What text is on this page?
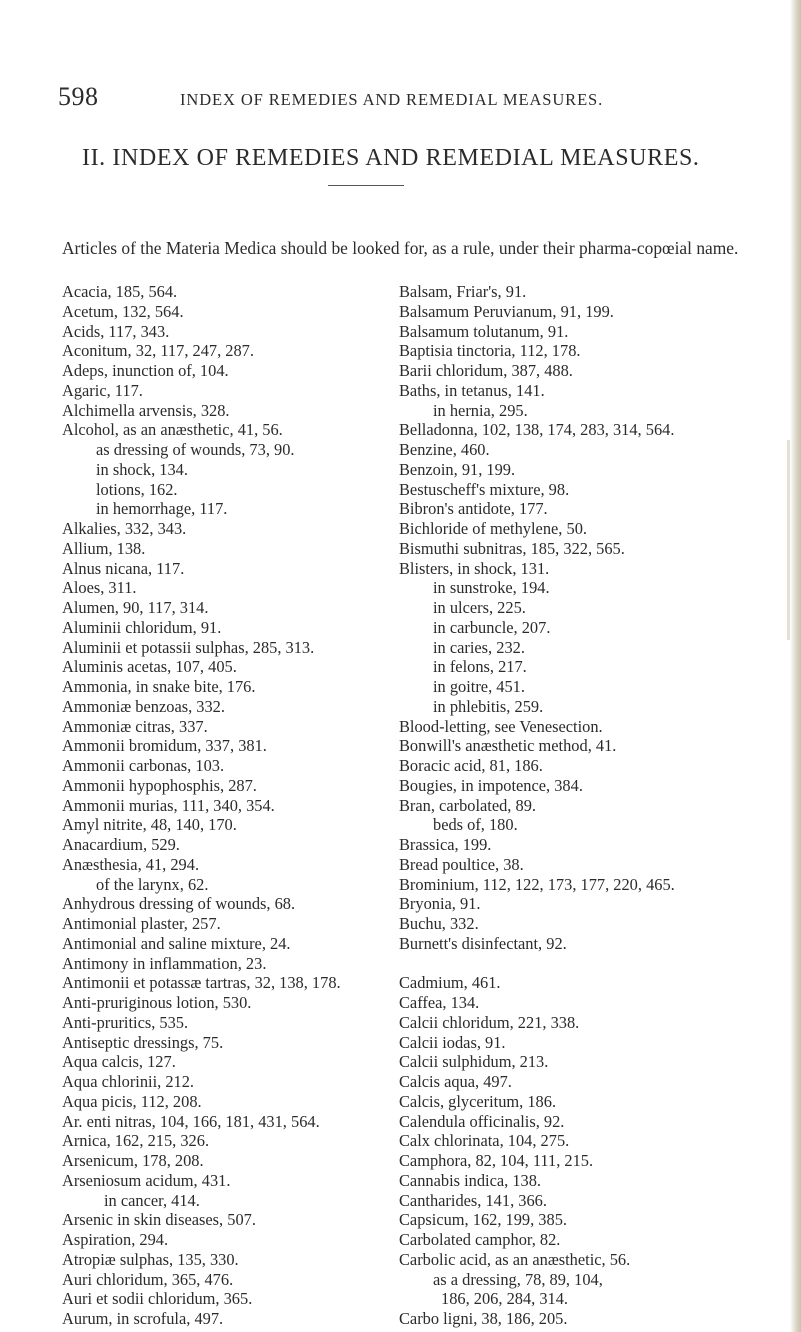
598	INDEX OF REMEDIES AND REMEDIAL MEASURES.
II. INDEX OF REMEDIES AND REMEDIAL MEASURES.
Articles of the Materia Medica should be looked for, as a rule, under their pharma-copœial name.
Acacia, 185, 564.
Acetum, 132, 564.
Acids, 117, 343.
Aconitum, 32, 117, 247, 287.
Adeps, inunction of, 104.
Agaric, 117.
Alchimella arvensis, 328.
Alcohol, as an anæsthetic, 41, 56.
as dressing of wounds, 73, 90.
in shock, 134.
lotions, 162.
in hemorrhage, 117.
Alkalies, 332, 343.
Allium, 138.
Alnus nicana, 117.
Aloes, 311.
Alumen, 90, 117, 314.
Aluminii chloridum, 91.
Aluminii et potassii sulphas, 285, 313.
Aluminis acetas, 107, 405.
Ammonia, in snake bite, 176.
Ammoniæ benzoas, 332.
Ammoniæ citras, 337.
Ammonii bromidum, 337, 381.
Ammonii carbonas, 103.
Ammonii hypophosphis, 287.
Ammonii murias, 111, 340, 354.
Amyl nitrite, 48, 140, 170.
Anacardium, 529.
Anæsthesia, 41, 294.
of the larynx, 62.
Anhydrous dressing of wounds, 68.
Antimonial plaster, 257.
Antimonial and saline mixture, 24.
Antimony in inflammation, 23.
Antimonii et potassæ tartras, 32, 138, 178.
Anti-pruriginous lotion, 530.
Anti-pruritics, 535.
Antiseptic dressings, 75.
Aqua calcis, 127.
Aqua chlorinii, 212.
Aqua picis, 112, 208.
Ar. enti nitras, 104, 166, 181, 431, 564.
Arnica, 162, 215, 326.
Arsenicum, 178, 208.
Arseniosum acidum, 431.
in cancer, 414.
Arsenic in skin diseases, 507.
Aspiration, 294.
Atropiæ sulphas, 135, 330.
Auri chloridum, 365, 476.
Auri et sodii chloridum, 365.
Aurum, in scrofula, 497.
Balsam, Friar's, 91.
Balsamum Peruvianum, 91, 199.
Balsamum tolutanum, 91.
Baptisia tinctoria, 112, 178.
Barii chloridum, 387, 488.
Baths, in tetanus, 141.
in hernia, 295.
Belladonna, 102, 138, 174, 283, 314, 564.
Benzine, 460.
Benzoin, 91, 199.
Bestuscheff's mixture, 98.
Bibron's antidote, 177.
Bichloride of methylene, 50.
Bismuthi subnitras, 185, 322, 565.
Blisters, in shock, 131.
in sunstroke, 194.
in ulcers, 225.
in carbuncle, 207.
in caries, 232.
in felons, 217.
in goitre, 451.
in phlebitis, 259.
Blood-letting, see Venesection.
Bonwill's anæsthetic method, 41.
Boracic acid, 81, 186.
Bougies, in impotence, 384.
Bran, carbolated, 89.
beds of, 180.
Brassica, 199.
Bread poultice, 38.
Brominium, 112, 122, 173, 177, 220, 465.
Bryonia, 91.
Buchu, 332.
Burnett's disinfectant, 92.
Cadmium, 461.
Caffea, 134.
Calcii chloridum, 221, 338.
Calcii iodas, 91.
Calcii sulphidum, 213.
Calcis aqua, 497.
Calcis, glyceritum, 186.
Calendula officinalis, 92.
Calx chlorinata, 104, 275.
Camphora, 82, 104, 111, 215.
Cannabis indica, 138.
Cantharides, 141, 366.
Capsicum, 162, 199, 385.
Carbolated camphor, 82.
Carbolic acid, as an anæsthetic, 56.
as a dressing, 78, 89, 104,
186, 206, 284, 314.
Carbo ligni, 38, 186, 205.
